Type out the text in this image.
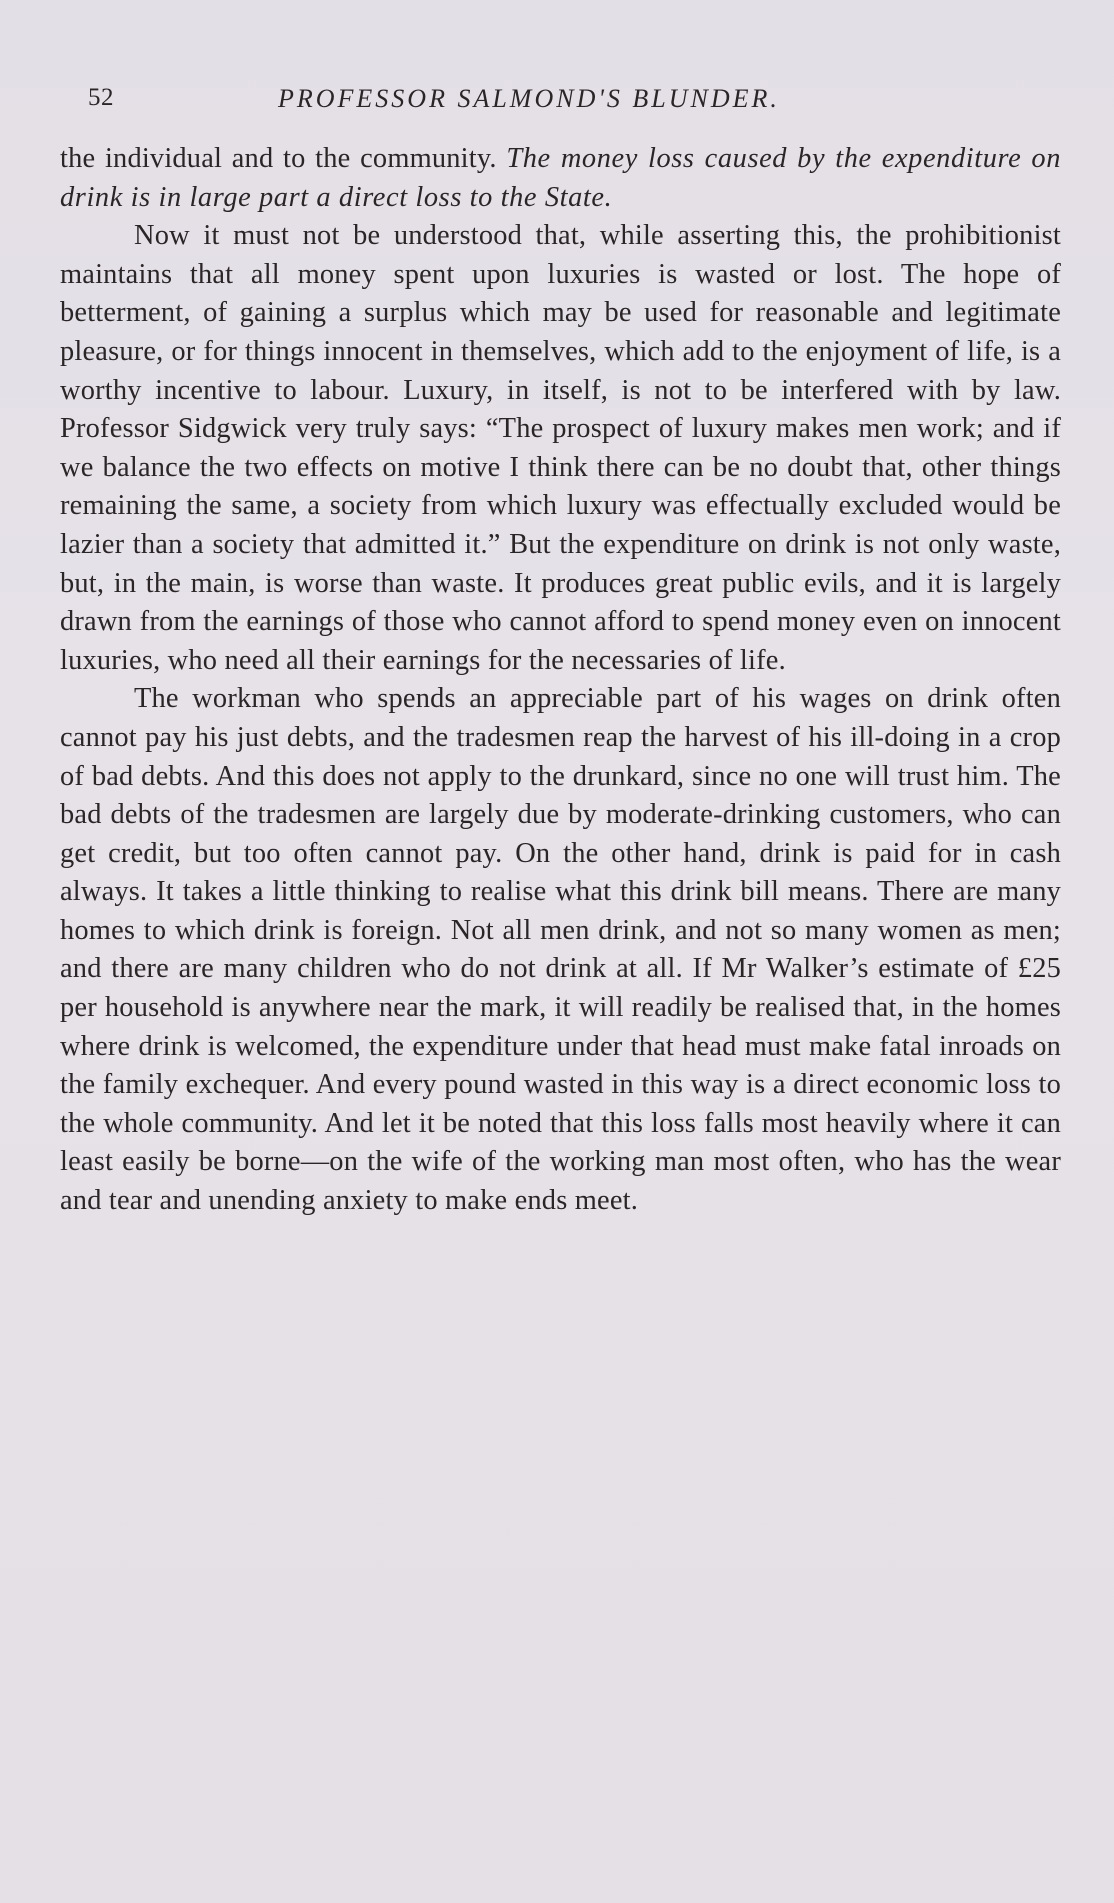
52	PROFESSOR SALMOND'S BLUNDER.

the individual and to the community. The money loss caused by the expenditure on drink is in large part a direct loss to the State.

Now it must not be understood that, while asserting this, the prohibitionist maintains that all money spent upon luxuries is wasted or lost. The hope of betterment, of gaining a surplus which may be used for reasonable and legitimate pleasure, or for things innocent in themselves, which add to the enjoyment of life, is a worthy incentive to labour. Luxury, in itself, is not to be interfered with by law. Professor Sidgwick very truly says: “The prospect of luxury makes men work; and if we balance the two effects on motive I think there can be no doubt that, other things remaining the same, a society from which luxury was effectually excluded would be lazier than a society that admitted it.” But the expenditure on drink is not only waste, but, in the main, is worse than waste. It produces great public evils, and it is largely drawn from the earnings of those who cannot afford to spend money even on innocent luxuries, who need all their earnings for the necessaries of life.

The workman who spends an appreciable part of his wages on drink often cannot pay his just debts, and the tradesmen reap the harvest of his ill-doing in a crop of bad debts. And this does not apply to the drunkard, since no one will trust him. The bad debts of the tradesmen are largely due by moderate-drinking customers, who can get credit, but too often cannot pay. On the other hand, drink is paid for in cash always. It takes a little thinking to realise what this drink bill means. There are many homes to which drink is foreign. Not all men drink, and not so many women as men; and there are many children who do not drink at all. If Mr Walker’s estimate of £25 per household is anywhere near the mark, it will readily be realised that, in the homes where drink is welcomed, the expenditure under that head must make fatal inroads on the family exchequer. And every pound wasted in this way is a direct economic loss to the whole community. And let it be noted that this loss falls most heavily where it can least easily be borne—on the wife of the working man most often, who has the wear and tear and unending anxiety to make ends meet.
